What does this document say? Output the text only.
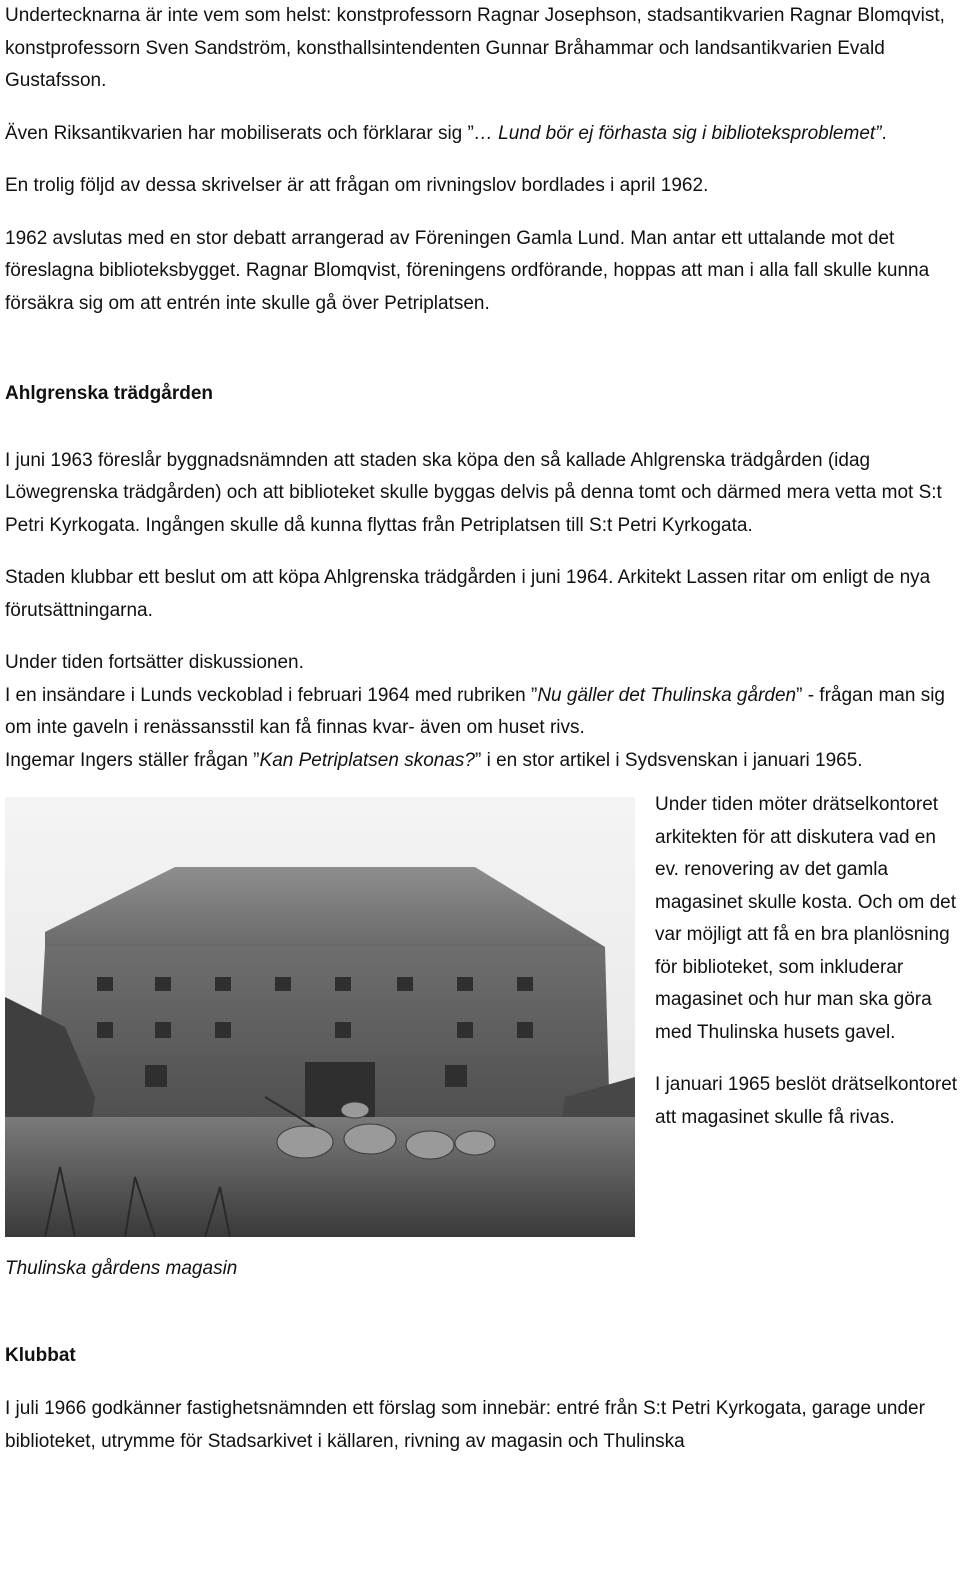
Undertecknarna är inte vem som helst: konstprofessorn Ragnar Josephson, stadsantikvarien Ragnar Blomqvist, konstprofessorn Sven Sandström, konsthallsintendenten Gunnar Bråhammar och landsantikvarien Evald Gustafsson.

Även Riksantikvarien har mobiliserats och förklarar sig ”… Lund bör ej förhasta sig i biblioteksproblemet”.

En trolig följd av dessa skrivelser är att frågan om rivningslov bordlades i april 1962.

1962 avslutas med en stor debatt arrangerad av Föreningen Gamla Lund. Man antar ett uttalande mot det föreslagna biblioteksbygget. Ragnar Blomqvist, föreningens ordförande, hoppas att man i alla fall skulle kunna försäkra sig om att entrén inte skulle gå över Petriplatsen.

Ahlgrenska trädgården

I juni 1963 föreslår byggnadsnämnden att staden ska köpa den så kallade Ahlgrenska trädgården (idag Löwegrenska trädgården) och att biblioteket skulle byggas delvis på denna tomt och därmed mera vetta mot S:t Petri Kyrkogata. Ingången skulle då kunna flyttas från Petriplatsen till S:t Petri Kyrkogata.

Staden klubbar ett beslut om att köpa Ahlgrenska trädgården i juni 1964. Arkitekt Lassen ritar om enligt de nya förutsättningarna.

Under tiden fortsätter diskussionen.

I en insändare i Lunds veckoblad i februari 1964 med rubriken ”Nu gäller det Thulinska gården” - frågan man sig om inte gaveln i renässansstil kan få finnas kvar- även om huset rivs.

Ingemar Ingers ställer frågan ”Kan Petriplatsen skonas?” i en stor artikel i Sydsvenskan i januari 1965.

Under tiden möter drätselkontoret arkitekten för att diskutera vad en ev. renovering av det gamla magasinet skulle kosta. Och om det var möjligt att få en bra planlösning för biblioteket, som inkluderar magasinet och hur man ska göra med Thulinska husets gavel.

I januari 1965 beslöt drätselkontoret att magasinet skulle få rivas.

Thulinska gårdens magasin

Klubbat

I juli 1966 godkänner fastighetsnämnden ett förslag som innebär: entré från S:t Petri Kyrkogata, garage under biblioteket, utrymme för Stadsarkivet i källaren, rivning av magasin och Thulinska
